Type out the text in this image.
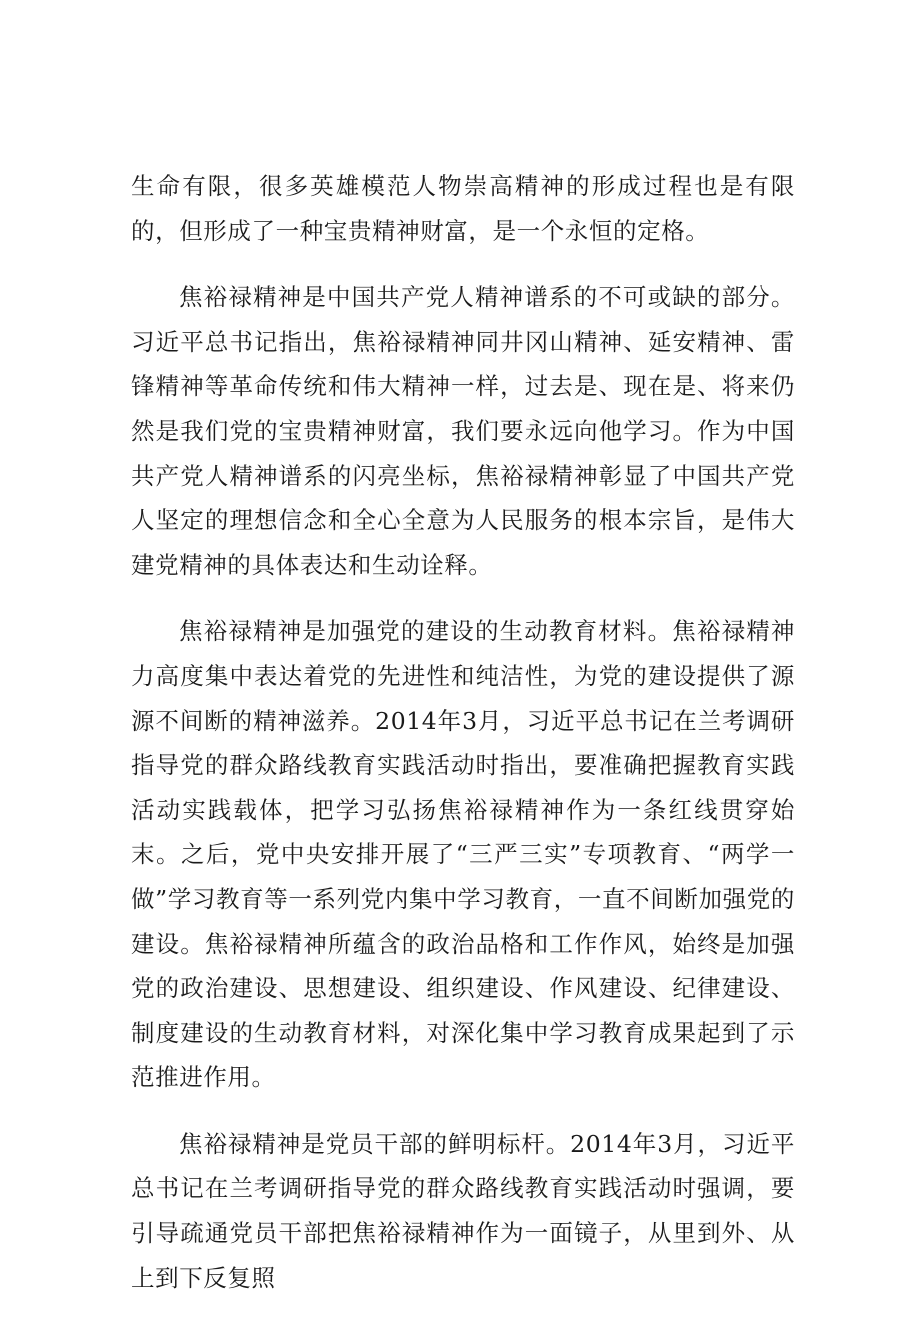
生命有限，很多英雄模范人物崇高精神的形成过程也是有限的，但形成了一种宝贵精神财富，是一个永恒的定格。

焦裕禄精神是中国共产党人精神谱系的不可或缺的部分。习近平总书记指出，焦裕禄精神同井冈山精神、延安精神、雷锋精神等革命传统和伟大精神一样，过去是、现在是、将来仍然是我们党的宝贵精神财富，我们要永远向他学习。作为中国共产党人精神谱系的闪亮坐标，焦裕禄精神彰显了中国共产党人坚定的理想信念和全心全意为人民服务的根本宗旨，是伟大建党精神的具体表达和生动诠释。

焦裕禄精神是加强党的建设的生动教育材料。焦裕禄精神力高度集中表达着党的先进性和纯洁性，为党的建设提供了源源不间断的精神滋养。2014年3月，习近平总书记在兰考调研指导党的群众路线教育实践活动时指出，要准确把握教育实践活动实践载体，把学习弘扬焦裕禄精神作为一条红线贯穿始末。之后，党中央安排开展了“三严三实”专项教育、“两学一做”学习教育等一系列党内集中学习教育，一直不间断加强党的建设。焦裕禄精神所蕴含的政治品格和工作作风，始终是加强党的政治建设、思想建设、组织建设、作风建设、纪律建设、制度建设的生动教育材料，对深化集中学习教育成果起到了示范推进作用。

焦裕禄精神是党员干部的鲜明标杆。2014年3月，习近平总书记在兰考调研指导党的群众路线教育实践活动时强调，要引导疏通党员干部把焦裕禄精神作为一面镜子，从里到外、从上到下反复照
